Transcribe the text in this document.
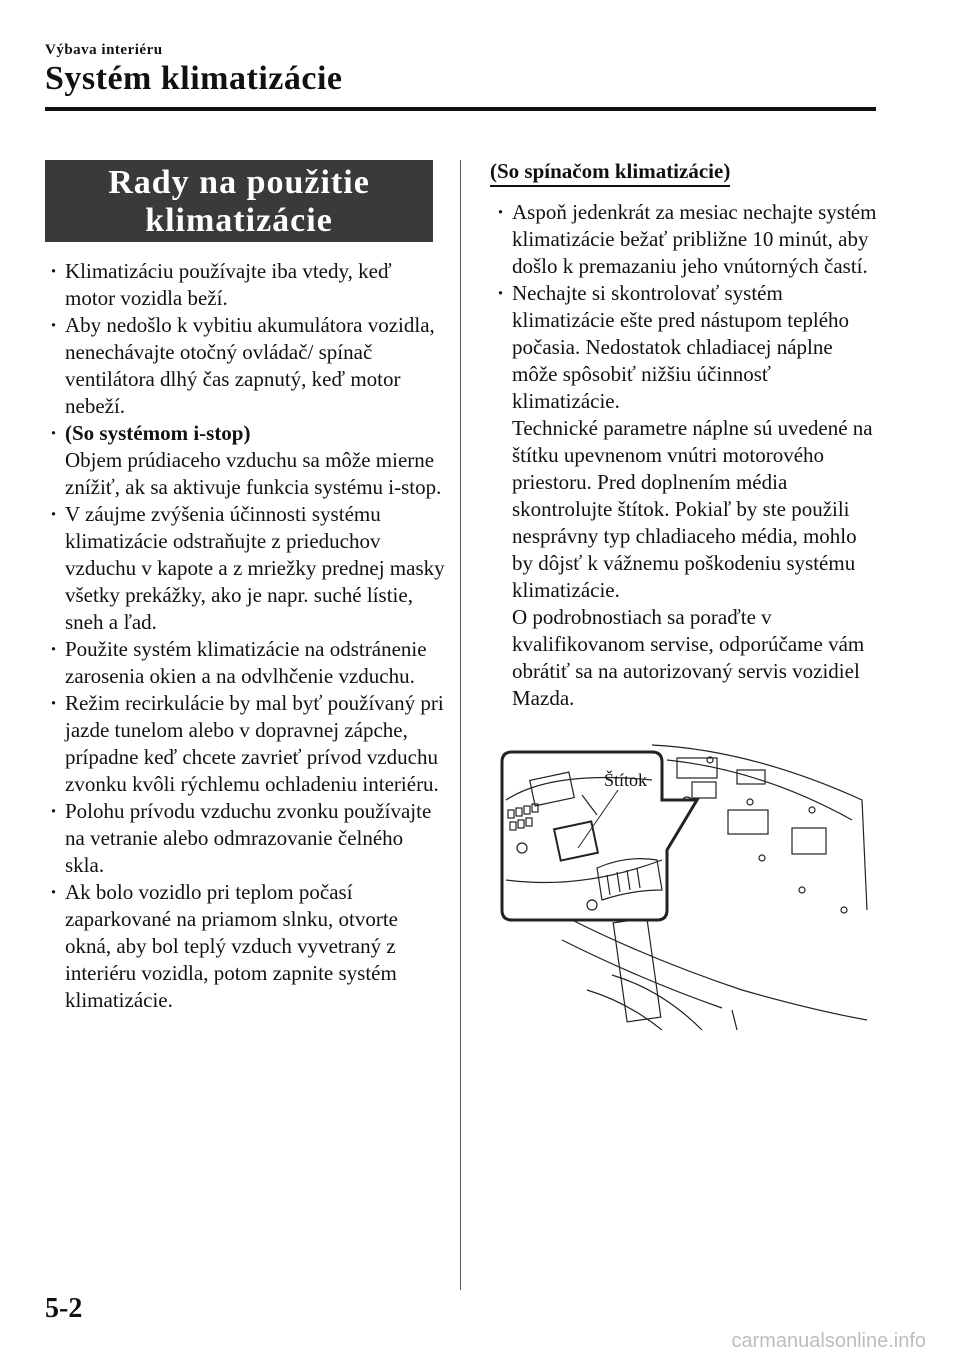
Výbava interiéru
Systém klimatizácie
Rady na použitie
klimatizácie
· Klimatizáciu používajte iba vtedy, keď motor vozidla beží.
· Aby nedošlo k vybitiu akumulátora vozidla, nenechávajte otočný ovládač/ spínač ventilátora dlhý čas zapnutý, keď motor nebeží.
· (So systémom i-stop)
Objem prúdiaceho vzduchu sa môže mierne znížiť, ak sa aktivuje funkcia systému i-stop.
· V záujme zvýšenia účinnosti systému klimatizácie odstraňujte z prieduchov vzduchu v kapote a z mriežky prednej masky všetky prekážky, ako je napr. suché lístie, sneh a ľad.
· Použite systém klimatizácie na odstránenie zarosenia okien a na odvlhčenie vzduchu.
· Režim recirkulácie by mal byť používaný pri jazde tunelom alebo v dopravnej zápche, prípadne keď chcete zavrieť prívod vzduchu zvonku kvôli rýchlemu ochladeniu interiéru.
· Polohu prívodu vzduchu zvonku používajte na vetranie alebo odmrazovanie čelného skla.
· Ak bolo vozidlo pri teplom počasí zaparkované na priamom slnku, otvorte okná, aby bol teplý vzduch vyvetraný z interiéru vozidla, potom zapnite systém klimatizácie.
(So spínačom klimatizácie)
· Aspoň jedenkrát za mesiac nechajte systém klimatizácie bežať približne 10 minút, aby došlo k premazaniu jeho vnútorných častí.
· Nechajte si skontrolovať systém klimatizácie ešte pred nástupom teplého počasia. Nedostatok chladiacej náplne môže spôsobiť nižšiu účinnosť klimatizácie.
Technické parametre náplne sú uvedené na štítku upevnenom vnútri motorového priestoru. Pred doplnením média skontrolujte štítok. Pokiaľ by ste použili nesprávny typ chladiaceho média, mohlo by dôjsť k vážnemu poškodeniu systému klimatizácie.
O podrobnostiach sa poraďte v kvalifikovanom servise, odporúčame vám obrátiť sa na autorizovaný servis vozidiel Mazda.
Štítok
5-2
carmanualsonline.info
